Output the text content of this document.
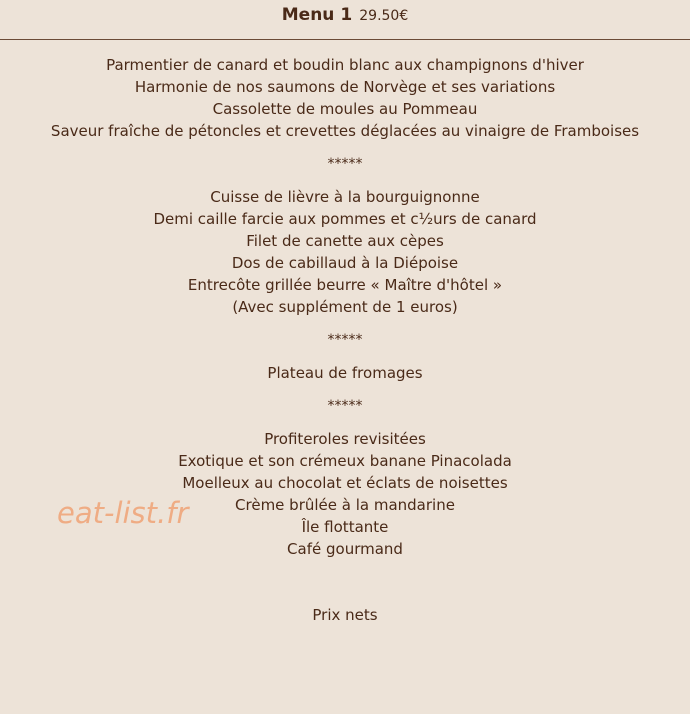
Menu 1 29.50€
Parmentier de canard et boudin blanc aux champignons d'hiver
Harmonie de nos saumons de Norvège et ses variations
Cassolette de moules au Pommeau
Saveur fraîche de pétoncles et crevettes déglacées au vinaigre de Framboises
*****
Cuisse de lièvre à la bourguignonne
Demi caille farcie aux pommes et c½urs de canard
Filet de canette aux cèpes
Dos de cabillaud à la Diépoise
Entrecôte grillée beurre « Maître d'hôtel »
(Avec supplément de 1 euros)
*****
Plateau de fromages
*****
Profiteroles revisitées
Exotique et son crémeux banane Pinacolada
Moelleux au chocolat et éclats de noisettes
Crème brûlée à la mandarine
Île flottante
Café gourmand
Prix nets
eat-list.fr
